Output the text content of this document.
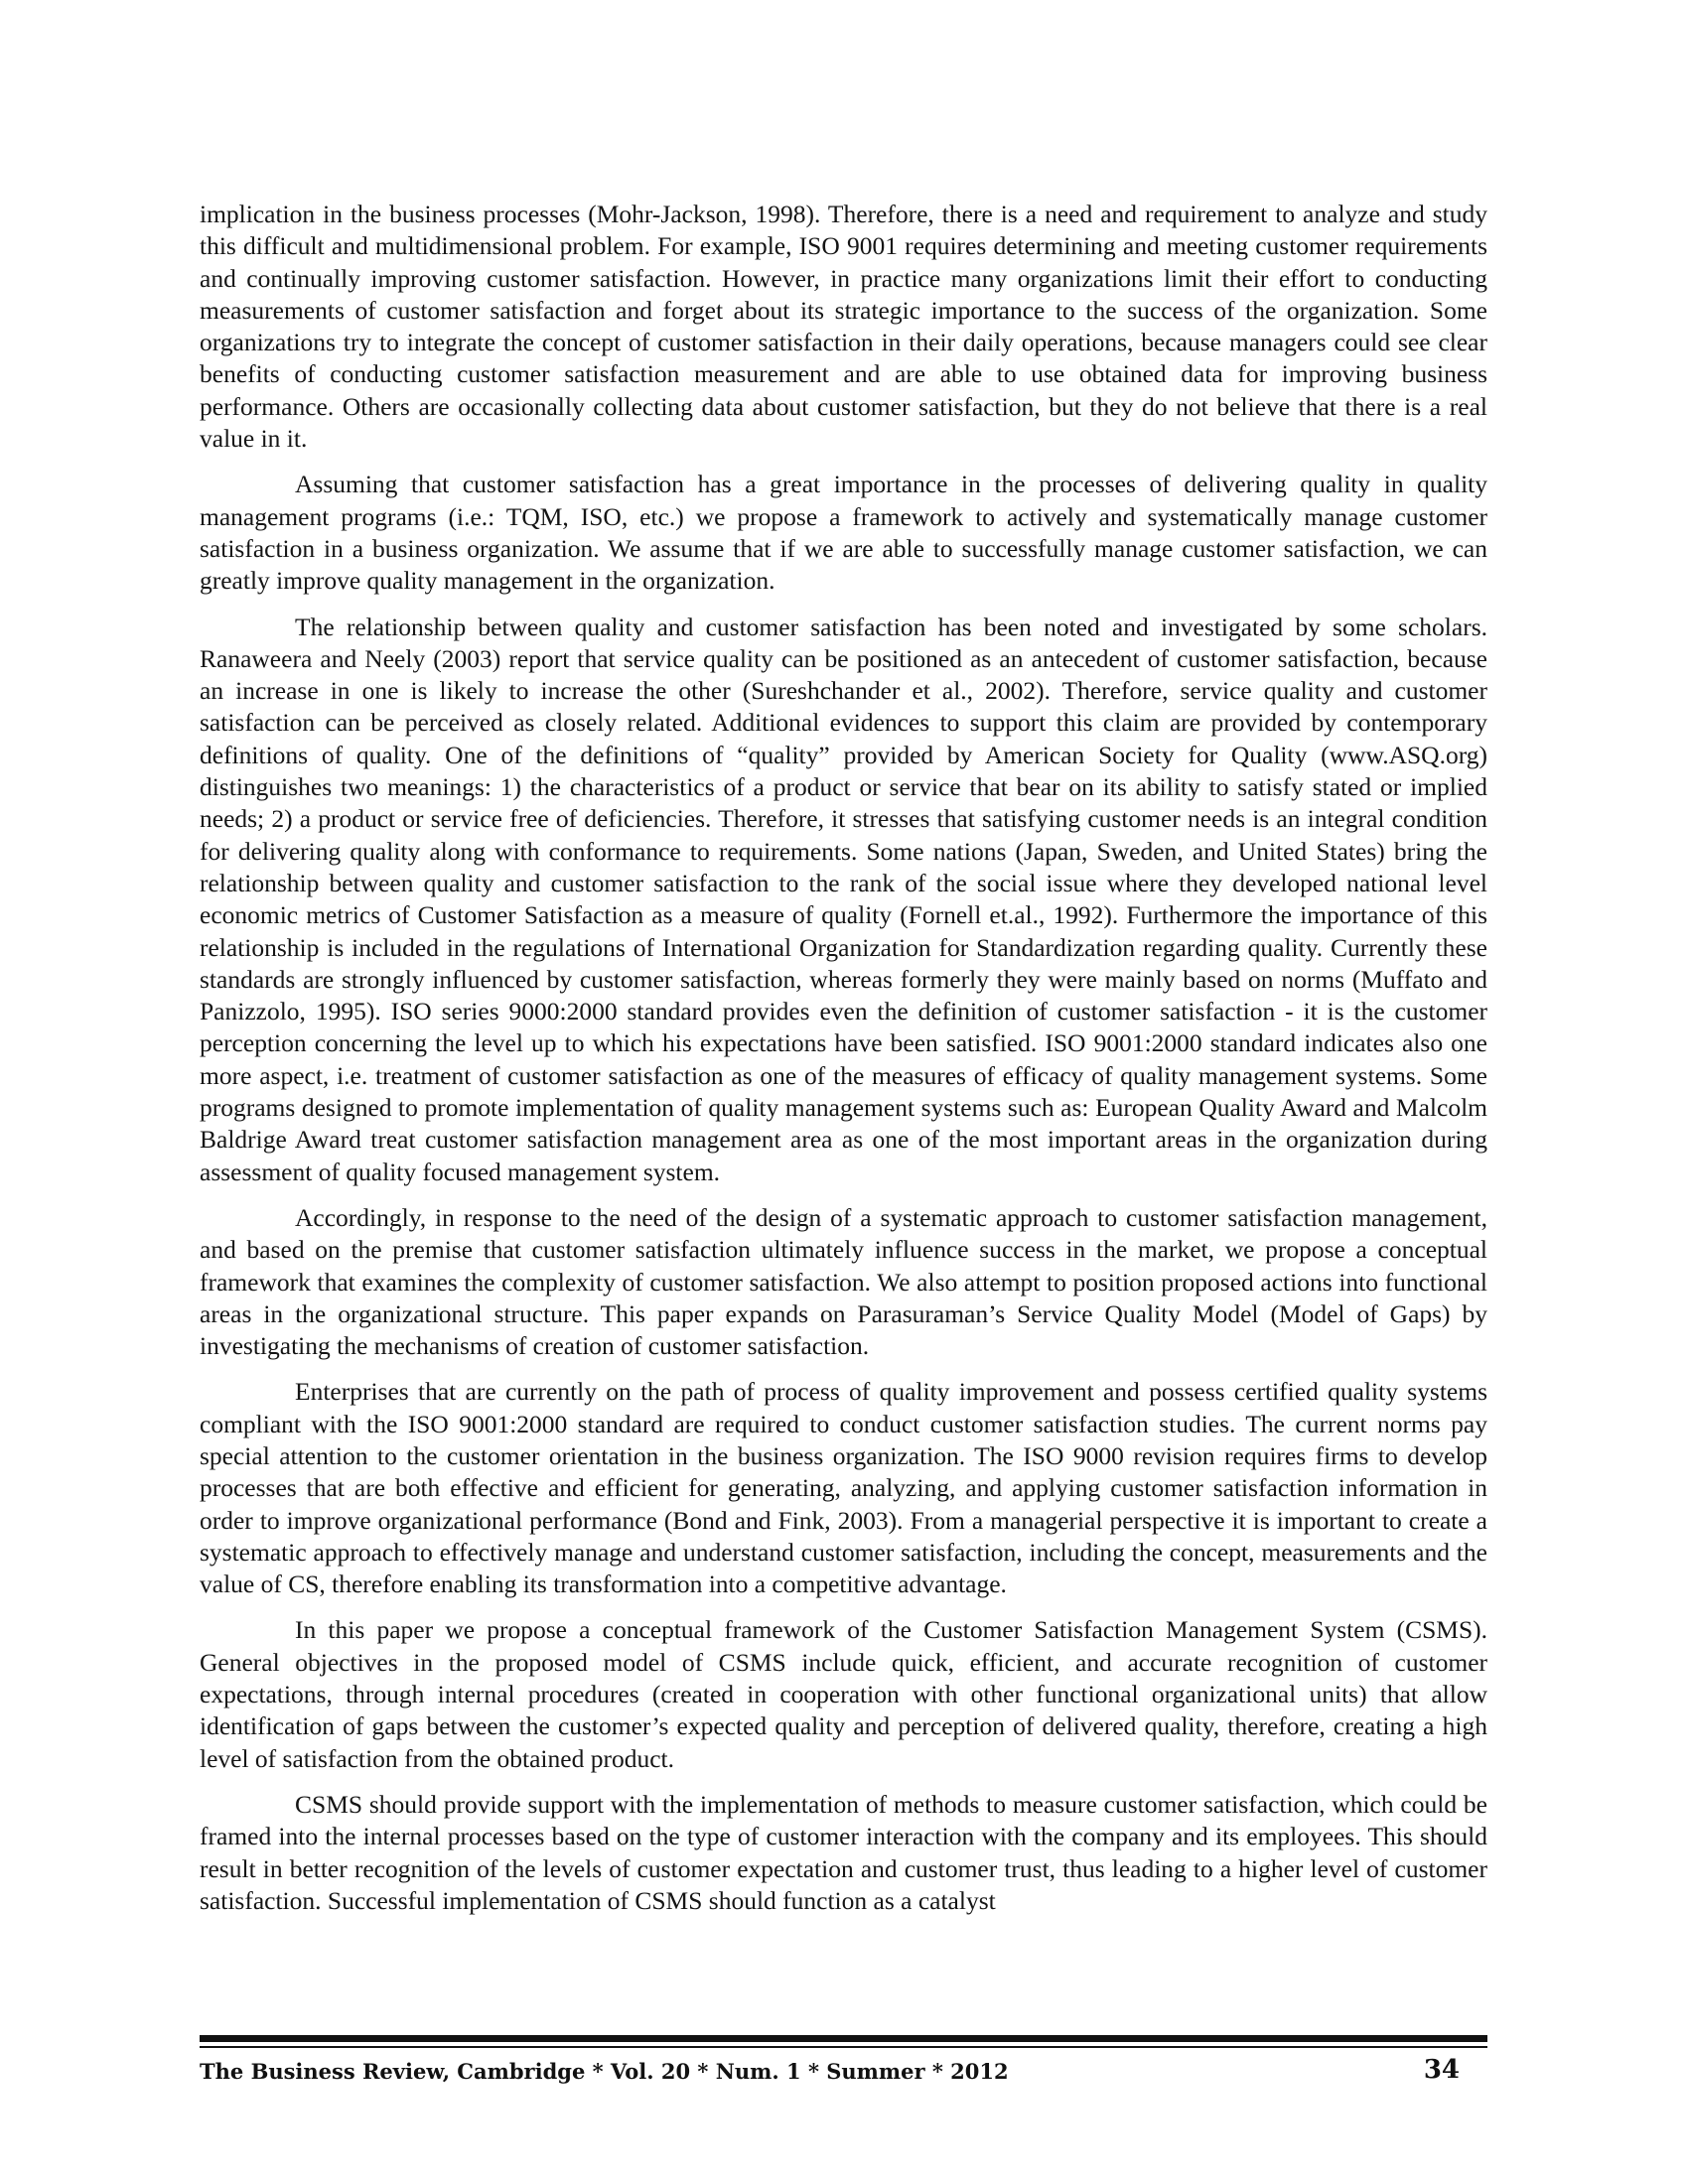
implication in the business processes (Mohr-Jackson, 1998). Therefore, there is a need and requirement to analyze and study this difficult and multidimensional problem. For example, ISO 9001 requires determining and meeting customer requirements and continually improving customer satisfaction. However, in practice many organizations limit their effort to conducting measurements of customer satisfaction and forget about its strategic importance to the success of the organization. Some organizations try to integrate the concept of customer satisfaction in their daily operations, because managers could see clear benefits of conducting customer satisfaction measurement and are able to use obtained data for improving business performance. Others are occasionally collecting data about customer satisfaction, but they do not believe that there is a real value in it.

Assuming that customer satisfaction has a great importance in the processes of delivering quality in quality management programs (i.e.: TQM, ISO, etc.) we propose a framework to actively and systematically manage customer satisfaction in a business organization. We assume that if we are able to successfully manage customer satisfaction, we can greatly improve quality management in the organization.

The relationship between quality and customer satisfaction has been noted and investigated by some scholars. Ranaweera and Neely (2003) report that service quality can be positioned as an antecedent of customer satisfaction, because an increase in one is likely to increase the other (Sureshchander et al., 2002). Therefore, service quality and customer satisfaction can be perceived as closely related. Additional evidences to support this claim are provided by contemporary definitions of quality. One of the definitions of “quality” provided by American Society for Quality (www.ASQ.org) distinguishes two meanings: 1) the characteristics of a product or service that bear on its ability to satisfy stated or implied needs; 2) a product or service free of deficiencies. Therefore, it stresses that satisfying customer needs is an integral condition for delivering quality along with conformance to requirements. Some nations (Japan, Sweden, and United States) bring the relationship between quality and customer satisfaction to the rank of the social issue where they developed national level economic metrics of Customer Satisfaction as a measure of quality (Fornell et.al., 1992). Furthermore the importance of this relationship is included in the regulations of International Organization for Standardization regarding quality. Currently these standards are strongly influenced by customer satisfaction, whereas formerly they were mainly based on norms (Muffato and Panizzolo, 1995). ISO series 9000:2000 standard provides even the definition of customer satisfaction - it is the customer perception concerning the level up to which his expectations have been satisfied. ISO 9001:2000 standard indicates also one more aspect, i.e. treatment of customer satisfaction as one of the measures of efficacy of quality management systems. Some programs designed to promote implementation of quality management systems such as: European Quality Award and Malcolm Baldrige Award treat customer satisfaction management area as one of the most important areas in the organization during assessment of quality focused management system.

Accordingly, in response to the need of the design of a systematic approach to customer satisfaction management, and based on the premise that customer satisfaction ultimately influence success in the market, we propose a conceptual framework that examines the complexity of customer satisfaction. We also attempt to position proposed actions into functional areas in the organizational structure. This paper expands on Parasuraman’s Service Quality Model (Model of Gaps) by investigating the mechanisms of creation of customer satisfaction.

Enterprises that are currently on the path of process of quality improvement and possess certified quality systems compliant with the ISO 9001:2000 standard are required to conduct customer satisfaction studies. The current norms pay special attention to the customer orientation in the business organization. The ISO 9000 revision requires firms to develop processes that are both effective and efficient for generating, analyzing, and applying customer satisfaction information in order to improve organizational performance (Bond and Fink, 2003). From a managerial perspective it is important to create a systematic approach to effectively manage and understand customer satisfaction, including the concept, measurements and the value of CS, therefore enabling its transformation into a competitive advantage.

In this paper we propose a conceptual framework of the Customer Satisfaction Management System (CSMS). General objectives in the proposed model of CSMS include quick, efficient, and accurate recognition of customer expectations, through internal procedures (created in cooperation with other functional organizational units) that allow identification of gaps between the customer’s expected quality and perception of delivered quality, therefore, creating a high level of satisfaction from the obtained product.

CSMS should provide support with the implementation of methods to measure customer satisfaction, which could be framed into the internal processes based on the type of customer interaction with the company and its employees. This should result in better recognition of the levels of customer expectation and customer trust, thus leading to a higher level of customer satisfaction. Successful implementation of CSMS should function as a catalyst

The Business Review, Cambridge * Vol. 20 * Num. 1 * Summer * 2012	34
